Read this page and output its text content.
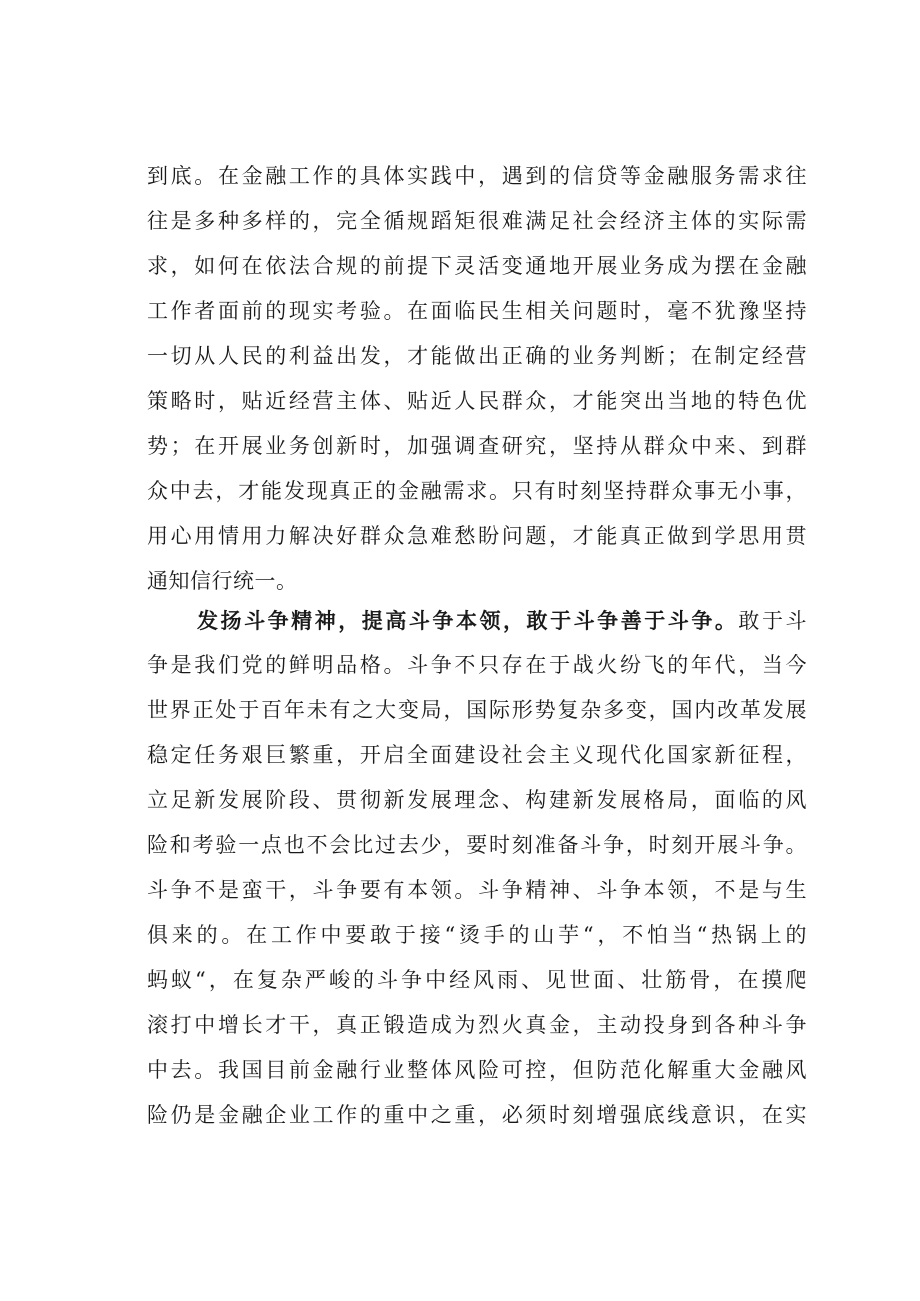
到底。在金融工作的具体实践中，遇到的信贷等金融服务需求往
往是多种多样的，完全循规蹈矩很难满足社会经济主体的实际需
求，如何在依法合规的前提下灵活变通地开展业务成为摆在金融
工作者面前的现实考验。在面临民生相关问题时，毫不犹豫坚持
一切从人民的利益出发，才能做出正确的业务判断；在制定经营
策略时，贴近经营主体、贴近人民群众，才能突出当地的特色优
势；在开展业务创新时，加强调查研究，坚持从群众中来、到群
众中去，才能发现真正的金融需求。只有时刻坚持群众事无小事，
用心用情用力解决好群众急难愁盼问题，才能真正做到学思用贯
通知信行统一。
发扬斗争精神，提高斗争本领，敢于斗争善于斗争。敢于斗
争是我们党的鲜明品格。斗争不只存在于战火纷飞的年代，当今
世界正处于百年未有之大变局，国际形势复杂多变，国内改革发展
稳定任务艰巨繁重，开启全面建设社会主义现代化国家新征程，
立足新发展阶段、贯彻新发展理念、构建新发展格局，面临的风
险和考验一点也不会比过去少，要时刻准备斗争，时刻开展斗争。
斗争不是蛮干，斗争要有本领。斗争精神、斗争本领，不是与生
俱来的。在工作中要敢于接“烫手的山芋“，不怕当“热锅上的
蚂蚁“，在复杂严峻的斗争中经风雨、见世面、壮筋骨，在摸爬
滚打中增长才干，真正锻造成为烈火真金，主动投身到各种斗争
中去。我国目前金融行业整体风险可控，但防范化解重大金融风
险仍是金融企业工作的重中之重，必须时刻增强底线意识，在实
